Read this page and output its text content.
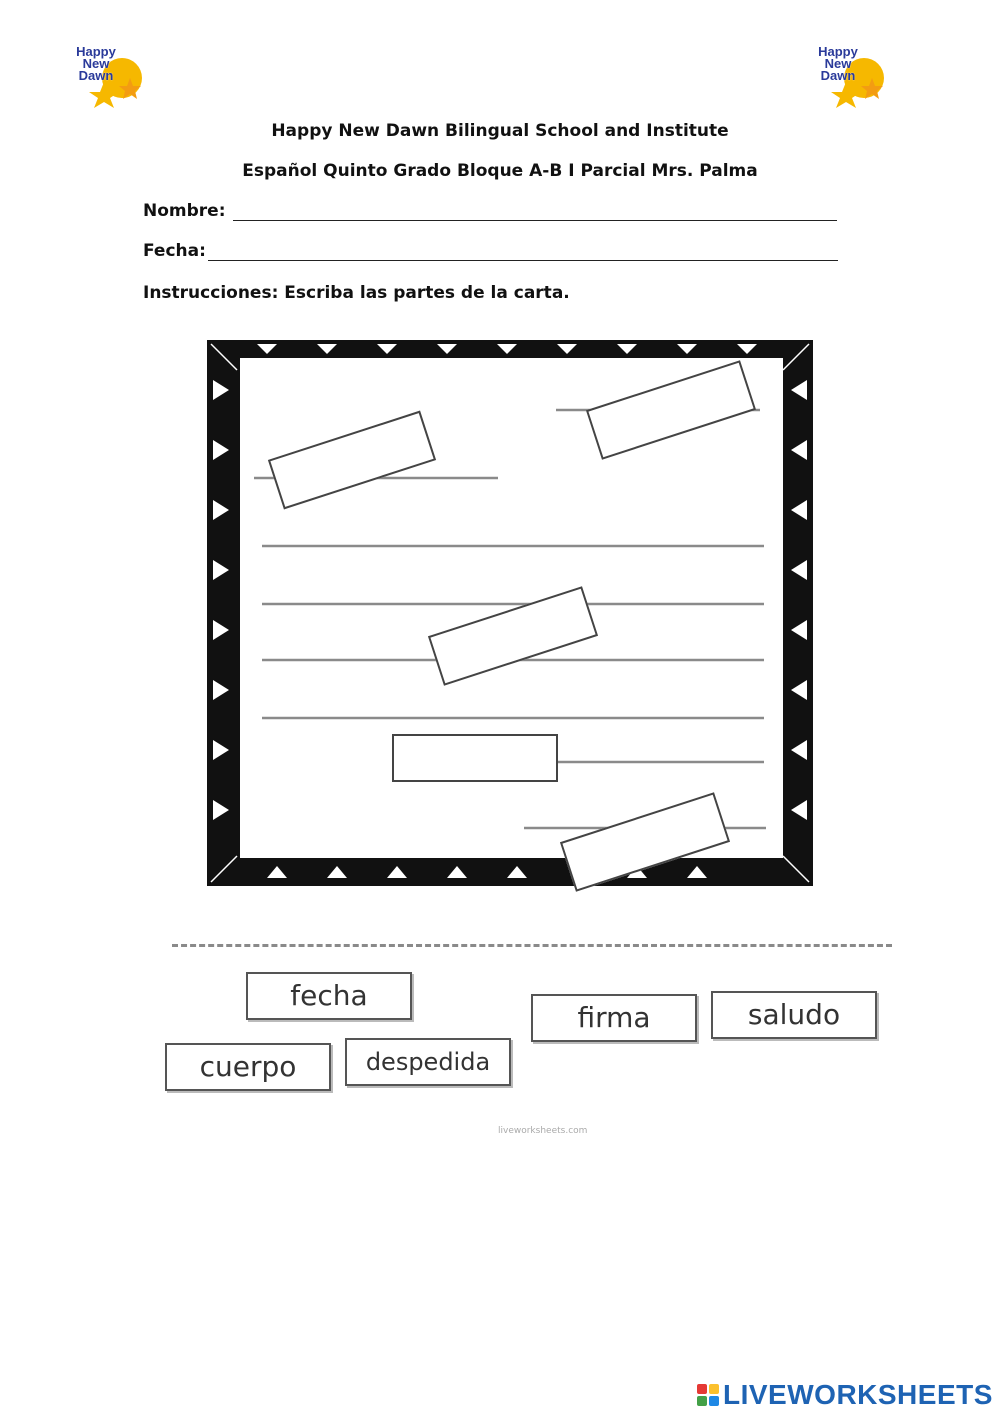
Happy
New
Dawn
Happy
New
Dawn
Happy New Dawn Bilingual School and Institute
Español Quinto Grado Bloque A-B I Parcial Mrs. Palma
Nombre:
Fecha:
Instrucciones: Escriba las partes de la carta.
fecha
firma	saludo
cuerpo	despedida
liveworksheets.com
LIVEWORKSHEETS
